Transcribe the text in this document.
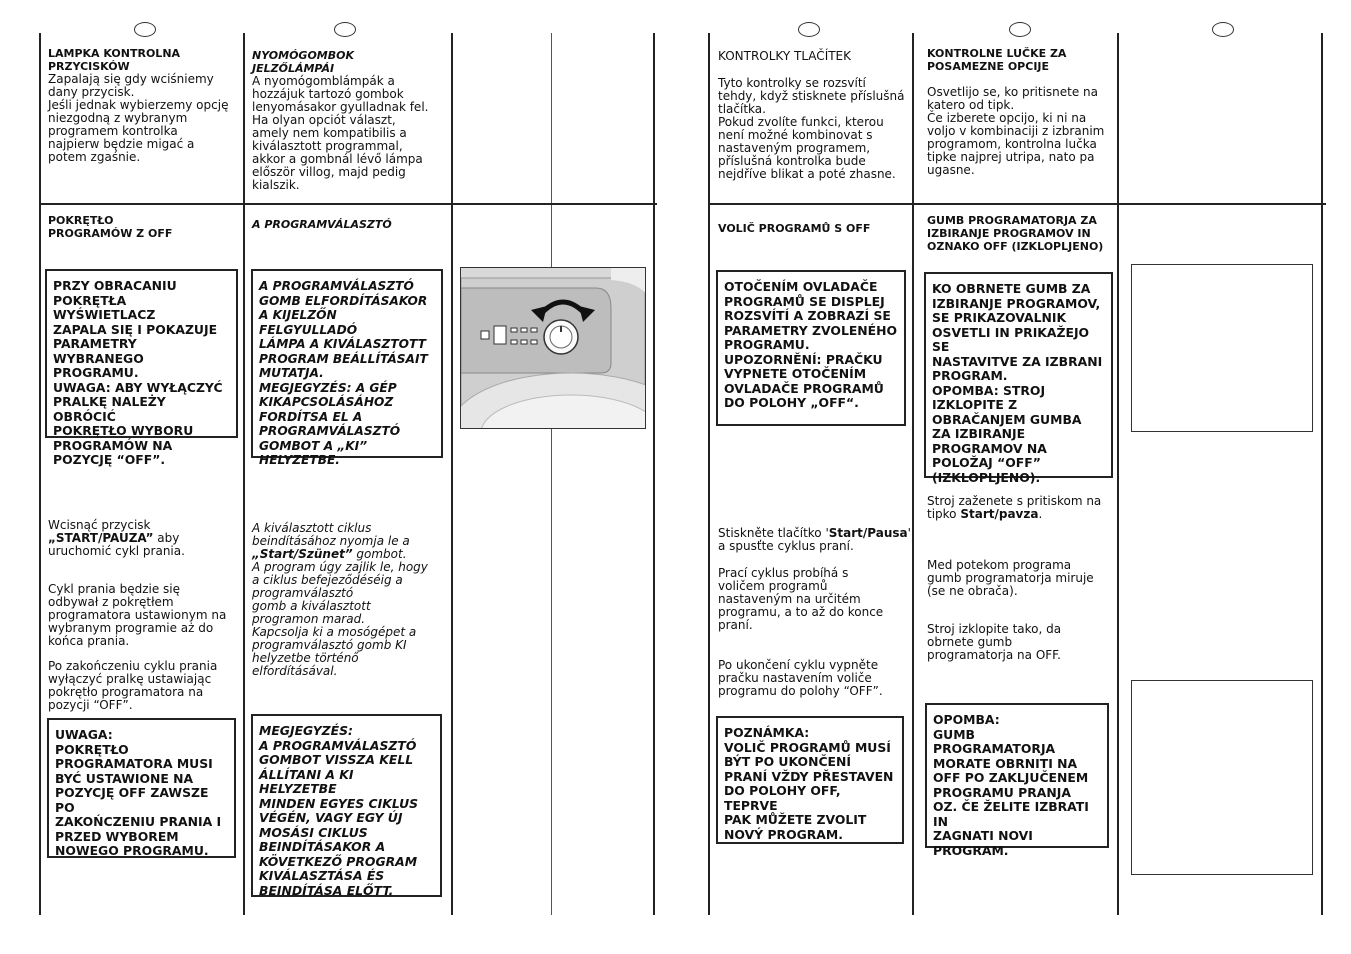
LAMPKA KONTROLNA
PRZYCISKÓW
Zapalają się gdy wciśniemy
dany przycisk.
Jeśli jednak wybierzemy opcję
niezgodną z wybranym
programem kontrolka
najpierw będzie migać a
potem zgaśnie.
POKRĘTŁO
PROGRAMÓW Z OFF
PRZY OBRACANIU
POKRĘTŁA WYŚWIETLACZ
ZAPALA SIĘ I POKAZUJE
PARAMETRY WYBRANEGO
PROGRAMU.
UWAGA: ABY WYŁĄCZYĆ
PRALKĘ NALEŻY OBRÓCIĆ
POKRĘTŁO WYBORU
PROGRAMÓW NA
POZYCJĘ “OFF”.
Wcisnąć przycisk
„START/PAUZA” aby
uruchomić cykl prania.
Cykl prania będzie się
odbywał z pokrętłem
programatora ustawionym na
wybranym programie aż do
końca prania.
Po zakończeniu cyklu prania
wyłączyć pralkę ustawiając
pokrętło programatora na
pozycji “OFF”.
UWAGA:
POKRĘTŁO
PROGRAMATORA MUSI
BYĆ USTAWIONE NA
POZYCJĘ OFF ZAWSZE PO
ZAKOŃCZENIU PRANIA I
PRZED WYBOREM
NOWEGO PROGRAMU.
NYOMÓGOMBOK
JELZŐLÁMPÁI
A nyomógomblámpák a
hozzájuk tartozó gombok
lenyomásakor gyulladnak fel.
Ha olyan opciót választ,
amely nem kompatibilis a
kiválasztott programmal,
akkor a gombnál lévő lámpa
először villog, majd pedig
kialszik.
A PROGRAMVÁLASZTÓ
A PROGRAMVÁLASZTÓ
GOMB ELFORDÍTÁSAKOR
A KIJELZŐN FELGYULLADÓ
LÁMPA A KIVÁLASZTOTT
PROGRAM BEÁLLÍTÁSAIT
MUTATJA.
MEGJEGYZÉS: A GÉP
KIKAPCSOLÁSÁHOZ
FORDÍTSA EL A
PROGRAMVÁLASZTÓ
GOMBOT A „KI”
HELYZETBE.
A kiválasztott ciklus
beindításához nyomja le a
„Start/Szünet” gombot.
A program úgy zajlik le, hogy
a ciklus befejeződéséig a
programválasztó
gomb a kiválasztott
programon marad.
Kapcsolja ki a mosógépet a
programválasztó gomb KI
helyzetbe történő
elfordításával.
MEGJEGYZÉS:
A PROGRAMVÁLASZTÓ
GOMBOT VISSZA KELL
ÁLLÍTANI A KI HELYZETBE
MINDEN EGYES CIKLUS
VÉGÉN, VAGY EGY ÚJ
MOSÁSI CIKLUS
BEINDÍTÁSAKOR A
KÖVETKEZŐ PROGRAM
KIVÁLASZTÁSA ÉS
BEINDÍTÁSA ELŐTT.
KONTROLKY TLAČÍTEK
Tyto kontrolky se rozsvítí
tehdy, když stisknete příslušná
tlačítka.
Pokud zvolíte funkci, kterou
není možné kombinovat s
nastaveným programem,
příslušná kontrolka bude
nejdříve blikat a poté zhasne.
VOLIČ PROGRAMŮ S OFF
OTOČENÍM OVLADAČE
PROGRAMŮ SE DISPLEJ
ROZSVÍTÍ A ZOBRAZÍ SE
PARAMETRY ZVOLENÉHO
PROGRAMU.
UPOZORNĚNÍ: PRAČKU
VYPNETE OTOČENÍM
OVLADAČE PROGRAMŮ
DO POLOHY „OFF“.
Stiskněte tlačítko 'Start/Pausa'
a spusťte cyklus praní.
Prací cyklus probíhá s
voličem programů
nastaveným na určitém
programu, a to až do konce
praní.
Po ukončení cyklu vypněte
pračku nastavením voliče
programu do polohy “OFF”.
POZNÁMKA:
VOLIČ PROGRAMŮ MUSÍ
BÝT PO UKONČENÍ
PRANÍ VŽDY PŘESTAVEN
DO POLOHY OFF, TEPRVE
PAK MŮŽETE ZVOLIT
NOVÝ PROGRAM.
KONTROLNE LUČKE ZA
POSAMEZNE OPCIJE
Osvetlijo se, ko pritisnete na
katero od tipk.
Če izberete opcijo, ki ni na
voljo v kombinaciji z izbranim
programom, kontrolna lučka
tipke najprej utripa, nato pa
ugasne.
GUMB PROGRAMATORJA ZA
IZBIRANJE PROGRAMOV IN
OZNAKO OFF (IZKLOPLJENO)
KO OBRNETE GUMB ZA
IZBIRANJE PROGRAMOV,
SE PRIKAZOVALNIK
OSVETLI IN PRIKAŽEJO SE
NASTAVITVE ZA IZBRANI
PROGRAM.
OPOMBA: STROJ
IZKLOPITE Z
OBRAČANJEM GUMBA
ZA IZBIRANJE
PROGRAMOV NA
POLOŽAJ “OFF”
(IZKLOPLJENO).
Stroj zaženete s pritiskom na
tipko Start/pavza.
Med potekom programa
gumb programatorja miruje
(se ne obrača).
Stroj izklopite tako, da
obrnete gumb
programatorja na OFF.
OPOMBA:
GUMB
PROGRAMATORJA
MORATE OBRNITI NA
OFF PO ZAKLJUČENEM
PROGRAMU PRANJA
OZ. ČE ŽELITE IZBRATI IN
ZAGNATI NOVI
PROGRAM.
